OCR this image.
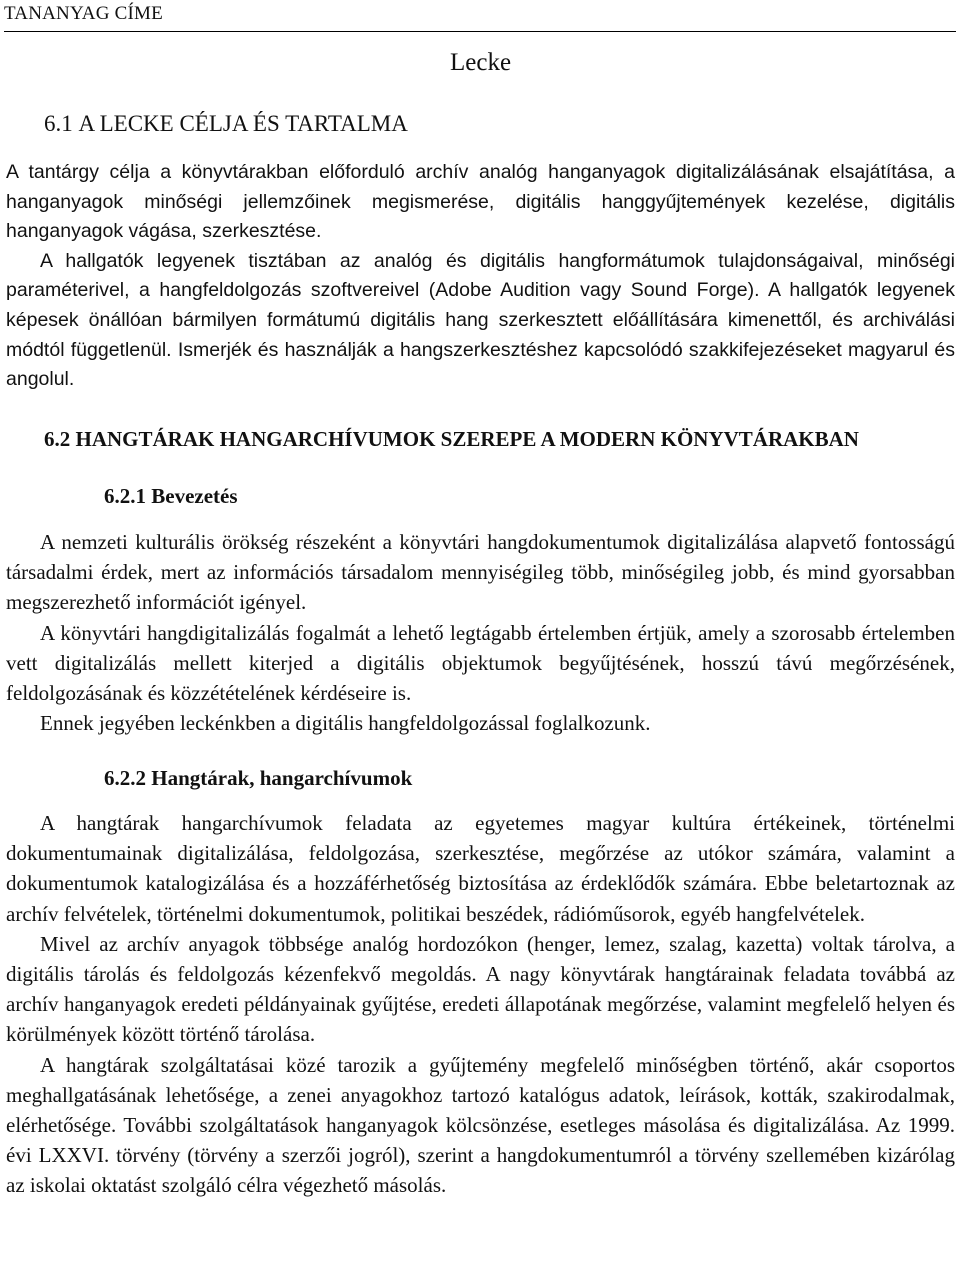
TANANYAG CÍME
Lecke
6.1 A LECKE CÉLJA ÉS TARTALMA

A tantárgy célja a könyvtárakban előforduló archív analóg hanganyagok digitalizálásának elsajátítása, a hanganyagok minőségi jellemzőinek megismerése, digitális hanggyűjtemények kezelése, digitális hanganyagok vágása, szerkesztése.

A hallgatók legyenek tisztában az analóg és digitális hangformátumok tulajdonságaival, minőségi paraméterivel, a hangfeldolgozás szoftvereivel (Adobe Audition vagy Sound Forge). A hallgatók legyenek képesek önállóan bármilyen formátumú digitális hang szerkesztett előállítására kimenettől, és archiválási módtól függetlenül. Ismerjék és használják a hangszerkesztéshez kapcsolódó szakkifejezéseket magyarul és angolul.

6.2 HANGTÁRAK HANGARCHÍVUMOK SZEREPE A MODERN KÖNYVTÁRAKBAN
6.2.1 Bevezetés

A nemzeti kulturális örökség részeként a könyvtári hangdokumentumok digitalizálása alapvető fontosságú társadalmi érdek, mert az információs társadalom mennyiségileg több, minőségileg jobb, és mind gyorsabban megszerezhető információt igényel.

A könyvtári hangdigitalizálás fogalmát a lehető legtágabb értelemben értjük, amely a szorosabb értelemben vett digitalizálás mellett kiterjed a digitális objektumok begyűjtésének, hosszú távú megőrzésének, feldolgozásának és közzétételének kérdéseire is.

Ennek jegyében leckénkben a digitális hangfeldolgozással foglalkozunk.

6.2.2 Hangtárak, hangarchívumok

A hangtárak hangarchívumok feladata az egyetemes magyar kultúra értékeinek, történelmi dokumentumainak digitalizálása, feldolgozása, szerkesztése, megőrzése az utókor számára, valamint a dokumentumok katalogizálása és a hozzáférhetőség biztosítása az érdeklődők számára. Ebbe beletartoznak az archív felvételek, történelmi dokumentumok, politikai beszédek, rádióműsorok, egyéb hangfelvételek.

Mivel az archív anyagok többsége analóg hordozókon (henger, lemez, szalag, kazetta) voltak tárolva, a digitális tárolás és feldolgozás kézenfekvő megoldás. A nagy könyvtárak hangtárainak feladata továbbá az archív hanganyagok eredeti példányainak gyűjtése, eredeti állapotának megőrzése, valamint megfelelő helyen és körülmények között történő tárolása.

A hangtárak szolgáltatásai közé tarozik a gyűjtemény megfelelő minőségben történő, akár csoportos meghallgatásának lehetősége, a zenei anyagokhoz tartozó katalógus adatok, leírások, kották, szakirodalmak, elérhetősége. További szolgáltatások hanganyagok kölcsönzése, esetleges másolása és digitalizálása. Az 1999. évi LXXVI. törvény (törvény a szerzői jogról), szerint a hangdokumentumról a törvény szellemében kizárólag az iskolai oktatást szolgáló célra végezhető másolás.
